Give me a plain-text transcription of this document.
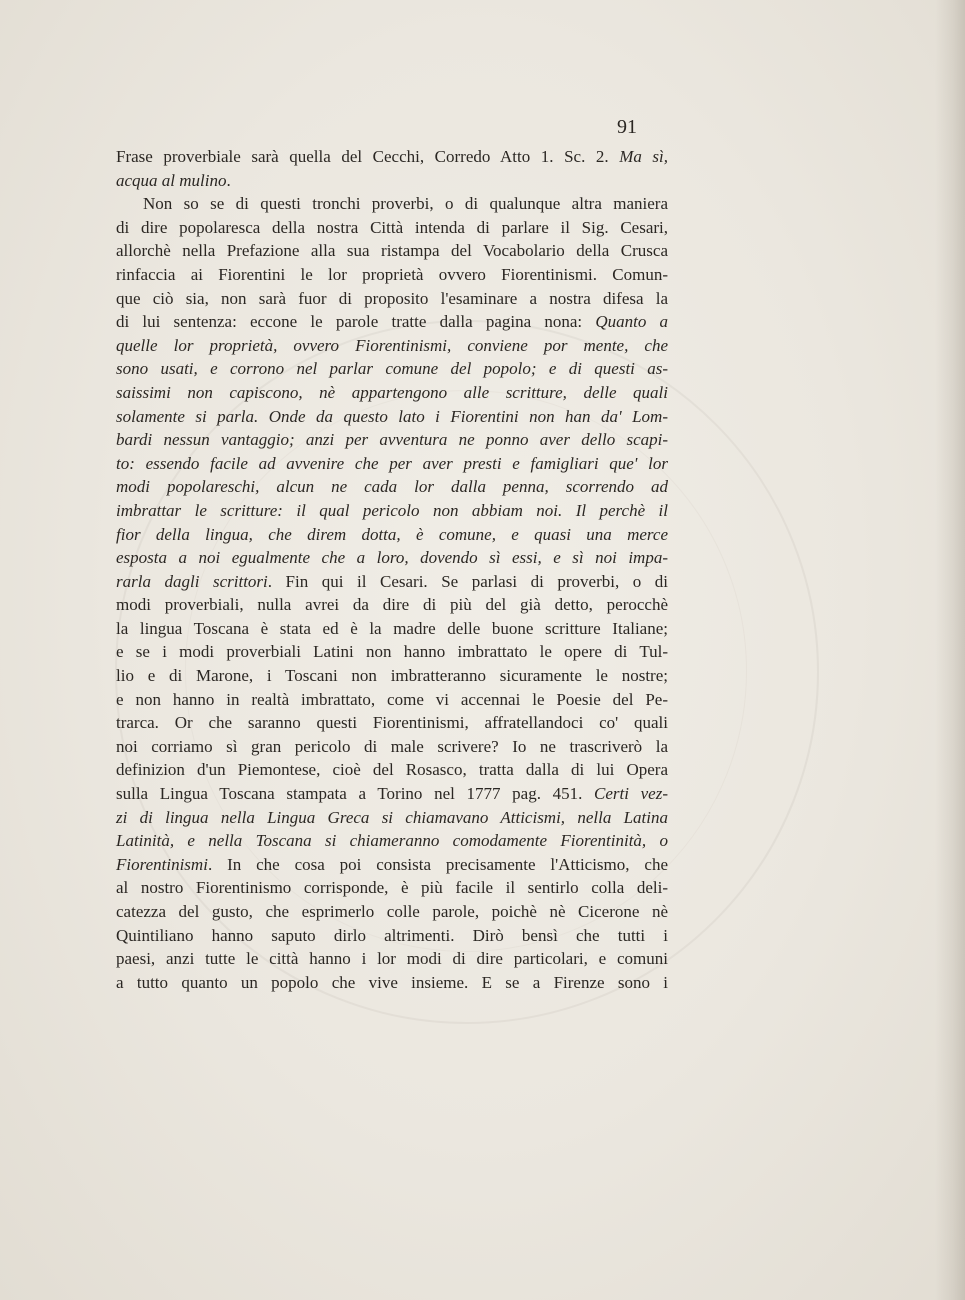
91
Frase proverbiale sarà quella del Cecchi, Corredo Atto 1. Sc. 2. Ma sì,
acqua al mulino.
Non so se di questi tronchi proverbi, o di qualunque altra maniera
di dire popolaresca della nostra Città intenda di parlare il Sig. Cesari,
allorchè nella Prefazione alla sua ristampa del Vocabolario della Crusca
rinfaccia ai Fiorentini le lor proprietà ovvero Fiorentinismi. Comun-
que ciò sia, non sarà fuor di proposito l'esaminare a nostra difesa la
di lui sentenza: eccone le parole tratte dalla pagina nona: Quanto a
quelle lor proprietà, ovvero Fiorentinismi, conviene por mente, che
sono usati, e corrono nel parlar comune del popolo; e di questi as-
saissimi non capiscono, nè appartengono alle scritture, delle quali
solamente si parla. Onde da questo lato i Fiorentini non han da' Lom-
bardi nessun vantaggio; anzi per avventura ne ponno aver dello scapi-
to: essendo facile ad avvenire che per aver presti e famigliari que' lor
modi popolareschi, alcun ne cada lor dalla penna, scorrendo ad
imbrattar le scritture: il qual pericolo non abbiam noi. Il perchè il
fior della lingua, che direm dotta, è comune, e quasi una merce
esposta a noi egualmente che a loro, dovendo sì essi, e sì noi impa-
rarla dagli scrittori. Fin qui il Cesari. Se parlasi di proverbi, o di
modi proverbiali, nulla avrei da dire di più del già detto, perocchè
la lingua Toscana è stata ed è la madre delle buone scritture Italiane;
e se i modi proverbiali Latini non hanno imbrattato le opere di Tul-
lio e di Marone, i Toscani non imbratteranno sicuramente le nostre;
e non hanno in realtà imbrattato, come vi accennai le Poesie del Pe-
trarca. Or che saranno questi Fiorentinismi, affratellandoci co' quali
noi corriamo sì gran pericolo di male scrivere? Io ne trascriverò la
definizion d'un Piemontese, cioè del Rosasco, tratta dalla di lui Opera
sulla Lingua Toscana stampata a Torino nel 1777 pag. 451. Certi vez-
zi di lingua nella Lingua Greca si chiamavano Atticismi, nella Latina
Latinità, e nella Toscana si chiameranno comodamente Fiorentinità, o
Fiorentinismi. In che cosa poi consista precisamente l'Atticismo, che
al nostro Fiorentinismo corrisponde, è più facile il sentirlo colla deli-
catezza del gusto, che esprimerlo colle parole, poichè nè Cicerone nè
Quintiliano hanno saputo dirlo altrimenti. Dirò bensì che tutti i
paesi, anzi tutte le città hanno i lor modi di dire particolari, e comuni
a tutto quanto un popolo che vive insieme. E se a Firenze sono i
